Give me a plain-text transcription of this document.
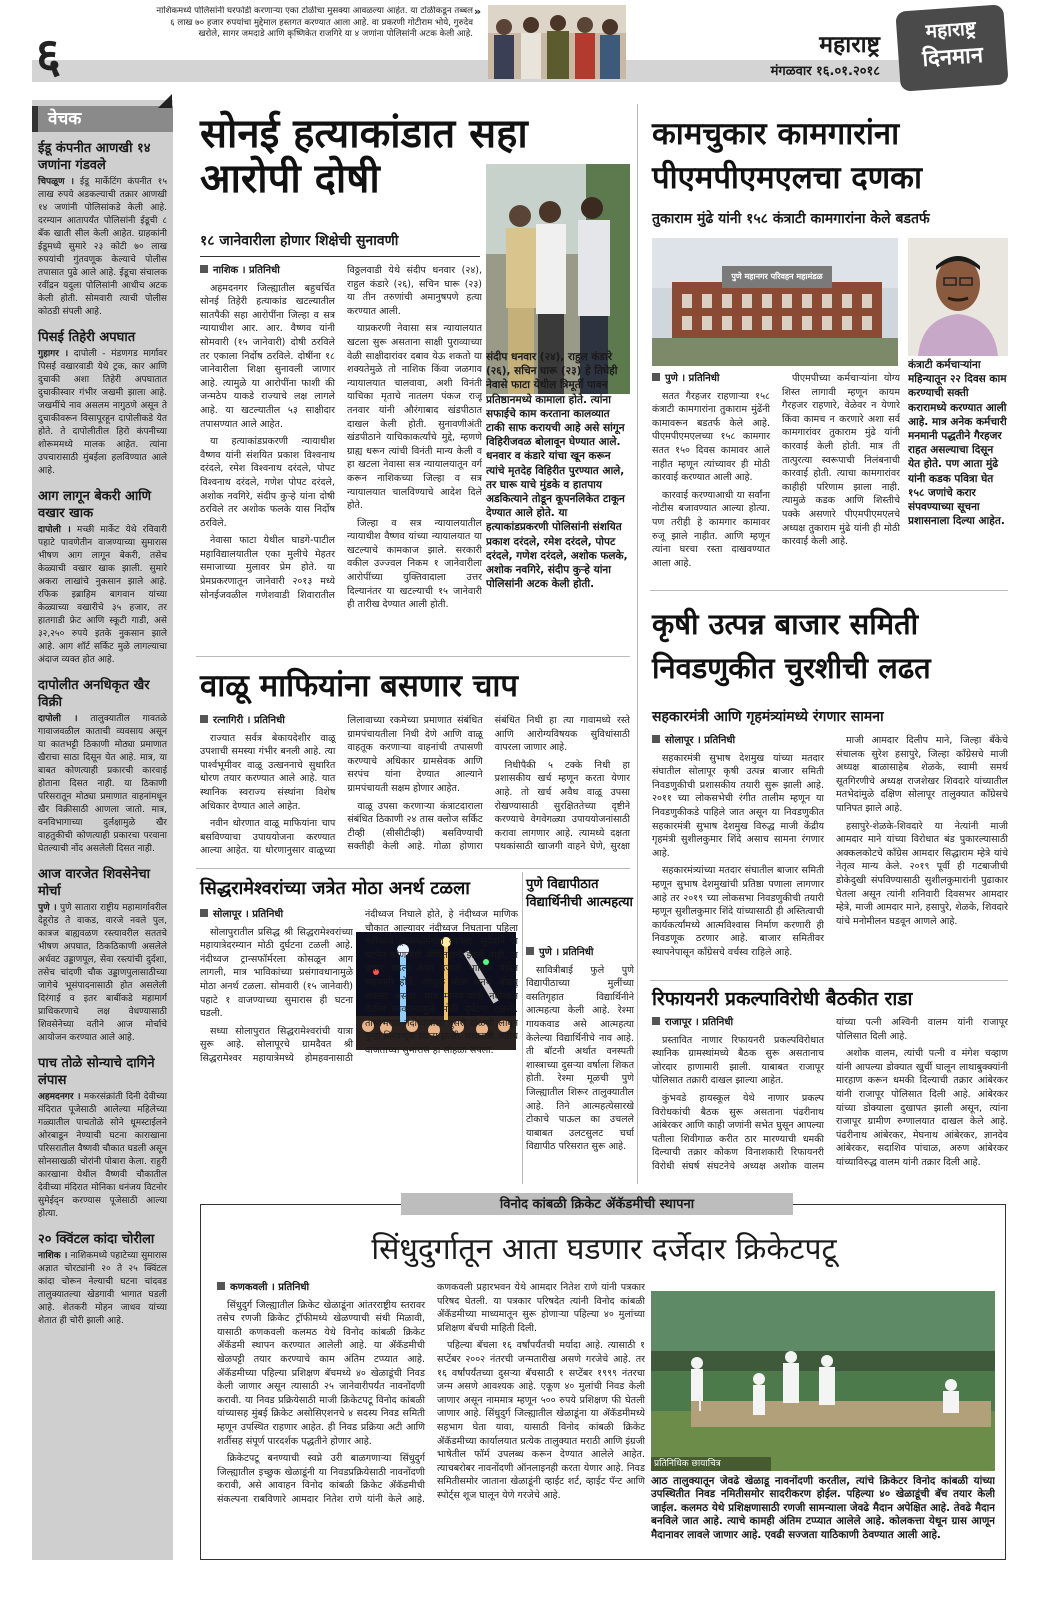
६
नाशिकमध्ये पोलिसांनी घरफोडी करणाऱ्या एका टोळीचा मुसक्या आवळल्या आहेत. या टोळीकडून तब्बल ६ लाख ७० हजार रुपयांचा मुद्देमाल हस्तगत करण्यात आला आहे. वा प्रकरणी गोटीराम भोये, गुरुदेव खरोले, सागर जमदाडे आणि कृष्णिकेत राजगिरे या ४ जणांना पोलिसांनी अटक केली आहे.
»
महाराष्ट्र
मंगळवार १६.०१.२०१८
महाराष्ट्र
दिनमान
वेचक
ईडू कंपनीत आणखी १४ जणांना गंडवले
चिपळूण । ईडू मार्केटिंग कंपनीत १५ लाख रुपये अडकल्याची तक्रार आणखी १४ जणांनी पोलिसांकडे केली आहे. दरम्यान आतापर्यंत पोलिसांनी ईडूची ८ बँक खाती सील केली आहेत. ग्राहकांनी ईडूमध्ये सुमारे २३ कोटी ७० लाख रुपयांची गुंतवणूक केल्याचे पोलीस तपासात पुढे आले आहे. ईडूचा संचालक रवींद्रन यदुला पोलिसांनी आधीच अटक केली होती. सोमवारी त्याची पोलीस कोठडी संपली आहे.
पिसई तिहेरी अपघात
गुहागर । दापोली - मंडणगड मार्गावर पिसई वखारवाडी येथे ट्रक, कार आणि दुचाकी अशा तिहेरी अपघातात दुचाकीस्वार गंभीर जखमी झाला आहे. जखमींचे नाव असलम नागुठणे असून ते दुचाकीवरून विसापूरहून दापोलीकडे येत होते. ते दापोलीतील हिरो कंपनीच्या शोरूममध्ये मालक आहेत. त्यांना उपचारासाठी मुंबईला हलविण्यात आले आहे.
आग लागून बेकरी आणि वखार खाक
दापोली । मच्छी मार्केट येथे रविवारी पहाटे पावणेतीन वाजण्याच्या सुमारास भीषण आग लागून बेकरी, तसेच केळ्याची वखार खाक झाली. सुमारे अकरा लाखांचे नुकसान झाले आहे. रफिक इब्राहिम बागवान यांच्या केळ्याच्या वखारीचे ३५ हजार, तर हातगाडी फ्रेट आणि स्कूटी गाडी, असे ३२,२५० रुपये इतके नुकसान झाले आहे. आग शॉर्ट सर्किट मुळे लागल्याचा अंदाज व्यक्त होत आहे.
दापोलीत अनधिकृत खैर विक्री
दापोली । तालुक्यातील गावतळे गावाजवळील काताची व्यवसाय असून या कातभट्टी ठिकाणी मोठ्या प्रमाणात खैराचा साठा दिसून येत आहे. मात्र, या बाबत कोणत्याही प्रकारची कारवाई होताना दिसत नाही. या ठिकाणी परिसरातून मोठ्या प्रमाणात वाहनांमधून खैर विक्रीसाठी आणला जातो. मात्र, वनविभागाच्या दुर्लक्षामुळे खैर वाहतुकीची कोणत्याही प्रकारचा परवाना घेतल्याची नोंद असलेली दिसत नाही.
आज वारजेत शिवसेनेचा मोर्चा
पुणे । पुणे सातारा राष्ट्रीय महामार्गावरील देहूरोड ते वाकड, वारजे नवले पुल, कात्रज बाह्यवळण रस्त्यावरील सततचे भीषण अपघात, ठिकठिकाणी असलेले अर्धवट उड्डाणपूल, सेवा रस्त्यांची दुर्दशा, तसेच चांदणी चौक उड्डाणपुलासाठीच्या जागेचे भूसंपादनासाठी होत असलेली दिरंगाई व इतर बाबींकडे महामार्ग प्राधिकरणाचे लक्ष वेधण्यासाठी शिवसेनेच्या वतीने आज मोर्चाचे आयोजन करण्यात आले आहे.
पाच तोळे सोन्याचे दागिने लंपास
अहमदनगर । मकरसंक्रांती दिनी देवीच्या मंदिरात पूजेसाठी आलेल्या महिलेच्या गळ्यातील पाचतोळे सोने धूमस्टाईलने ओरबाडून नेण्याची घटना काराखाना परिसरातील वैष्णवी चौकात घडली असून सोनसाखळी चोरांनी पोबारा केला. राहुरी कारखाना येथील वैष्णवी चौकातील देवीच्या मंदिरात मोनिका धनंजय विटनोर सुमेईद्न करण्यास पूजेसाठी आल्या होत्या.
२० क्विंटल कांदा चोरीला
नाशिक । नाशिकमध्ये पहाटेच्या सुमारास अज्ञात चोरट्यांनी २० ते २५ क्विंटल कांदा चोरून नेल्याची घटना चांदवड तालुक्यातल्या खेडगावी भागात घडली आहे. शेतकरी मोहन जाधव यांच्या शेतात ही चोरी झाली आहे.
सोनई हत्याकांडात सहा आरोपी दोषी
१८ जानेवारीला होणार शिक्षेची सुनावणी
नाशिक । प्रतिनिधी

अहमदनगर जिल्ह्यातील बहुचर्चित सोनई तिहेरी हत्याकांड खटल्यातील सातपैकी सहा आरोपींना जिल्हा व सत्र न्यायाधीश आर. आर. वैष्णव यांनी सोमवारी (१५ जानेवारी) दोषी ठरविले तर एकाला निर्दोष ठरविले. दोषींना १८ जानेवारीला शिक्षा सुनावली जाणार आहे. त्यामुळे या आरोपींना फाशी की जन्मठेप याकडे राज्याचे लक्ष लागले आहे. या खटल्यातील ५३ साक्षीदार तपासण्यात आले आहेत.

या हत्याकांडप्रकरणी न्यायाधीश वैष्णव यांनी संशयित प्रकाश विश्वनाथ दरंदले, रमेश विश्वनाथ दरंदले, पोपट विश्वनाथ दरंदले, गणेश पोपट दरंदले, अशोक नवगिरे, संदीप कुऱ्हे यांना दोषी ठरविले तर अशोक फलके यास निर्दोष ठरविले.

नेवासा फाटा येथील घाडगे-पाटील महाविद्यालयातील एका मुलीचे मेहतर समाजाच्या मुलावर प्रेम होते. या प्रेमप्रकरणातून जानेवारी २०१३ मध्ये सोनईजवळील गणेशवाडी शिवारातील विठ्ठलवाडी येथे संदीप धनवार (२४), राहुल कंडारे (२६), सचिन घारू (२३) या तीन तरुणांची अमानुषपणे हत्या करण्यात आली.

याप्रकरणी नेवासा सत्र न्यायालयात खटला सुरू असताना साक्षी पुराव्याच्या वेळी साक्षीदारांवर दबाव येऊ शकतो या शक्यतेमुळे तो नाशिक किंवा जळगाव न्यायालयात चालवावा, अशी विनंती याचिका मृताचे नातलग पंकज राजू तनवार यांनी औरंगाबाद खंडपीठात दाखल केली होती. सुनावणीअंती खंडपीठाने याचिकाकर्त्यांचे मुद्दे, म्हणणे ग्राह्य धरून त्यांची विनंती मान्य केली व हा खटला नेवासा सत्र न्यायालयातून वर्ग करून नाशिकच्या जिल्हा व सत्र न्यायालयात चालविण्याचे आदेश दिले होते.

जिल्हा व सत्र न्यायालयातील न्यायाधीश वैष्णव यांच्या न्यायालयात या खटल्याचे कामकाज झाले. सरकारी वकील उज्ज्वल निकम १ जानेवारीला आरोपींच्या युक्तिवादाला उत्तर दिल्यानंतर या खटल्याची १५ जानेवारी ही तारीख देण्यात आली होती.

संदीप धनवार (२४), राहुल कंडारे (२६), सचिन घारू (२३) हे तिघेही नेवासे फाटा येथील त्रिमूर्ती पावन प्रतिष्ठानमध्ये कामाला होते. त्यांना सफाईचे काम करताना कालव्यात टाकी साफ करायची आहे असे सांगून विहिरीजवळ बोलावून घेण्यात आले. धनवार व कंडारे यांचा खून करून त्यांचे मृतदेह विहिरीत पुरण्यात आले, तर घारू याचे मुंडके व हातपाय अडकित्याने तोडून कूपनलिकेत टाकून देण्यात आले होते. या हत्याकांडप्रकरणी पोलिसांनी संशयित प्रकाश दरंदले, रमेश दरंदले, पोपट दरंदले, गणेश दरंदले, अशोक फलके, अशोक नवगिरे, संदीप कुऱ्हे यांना पोलिसांनी अटक केली होती.
कामचुकार कामगारांना पीएमपीएमएलचा दणका
तुकाराम मुंढे यांनी १५८ कंत्राटी कामगारांना केले बडतर्फ
पुणे महानगर परिवहन महामंडळ
कंत्राटी कर्मचाऱ्यांना महिन्यातून २२ दिवस काम करण्याची सक्ती करारामध्ये करण्यात आली आहे. मात्र अनेक कर्मचारी मनमानी पद्धतीने गैरहजर राहत असल्याचा दिसून येत होते. पण आता मुंढे यांनी कडक पवित्रा घेत १५८ जणांचे करार संपवण्याच्या सूचना प्रशासनाला दिल्या आहेत.
पुणे । प्रतिनिधी

सतत गैरहजर राहणाऱ्या १५८ कंत्राटी कामगारांना तुकाराम मुंढेंनी कामावरून बडतर्फ केले आहे. पीएमपीएमएलच्या १५८ कामगार सतत १५० दिवस कामावर आले नाहीत म्हणून त्यांच्यावर ही मोठी कारवाई करण्यात आली आहे.

कारवाई करण्याआधी या सर्वांना नोटीस बजावण्यात आल्या होत्या. पण तरीही हे कामगार कामावर रुजू झाले नाहीत. आणि म्हणून त्यांना घरचा रस्ता दाखवण्यात आला आहे.

पीएमपीच्या कर्मचाऱ्यांना योग्य शिस्त लागावी म्हणून कायम गैरहजर राहणारे, वेळेवर न येणारे किंवा कामच न करणारे अशा सर्व कामगारांवर तुकाराम मुंढे यांनी कारवाई केली होती. मात्र ती तात्पुरत्या स्वरूपाची निलंबनाची कारवाई होती. त्याचा कामगारांवर काहीही परिणाम झाला नाही. त्यामुळे कडक आणि शिस्तीचे पक्के असणारे पीएमपीएमएलचे अध्यक्ष तुकाराम मुंढे यांनी ही मोठी कारवाई केली आहे.

कृषी उत्पन्न बाजार समिती निवडणुकीत चुरशीची लढत
सहकारमंत्री आणि गृहमंत्र्यांमध्ये रंगणार सामना
सोलापूर । प्रतिनिधी

सहकारमंत्री सुभाष देशमुख यांच्या मतदार संघातील सोलापूर कृषी उत्पन्न बाजार समिती निवडणुकीची प्रशासकीय तयारी सुरू झाली आहे. २०११ च्या लोकसभेची रंगीत तालीम म्हणून या निवडणुकीकडे पाहिले जात असून या निवडणुकीत सहकारमंत्री सुभाष देशमुख विरुद्ध माजी केंद्रीय गृहमंत्री सुशीलकुमार शिंदे असाच सामना रंगणार आहे.

सहकारमंत्र्यांच्या मतदार संघातील बाजार समिती म्हणून सुभाष देशमुखांची प्रतिष्ठा पणाला लागणार आहे तर २०१९ च्या लोकसभा निवडणुकीची तयारी म्हणून सुशीलकुमार शिंदे यांच्यासाठी ही अस्तित्वाची कार्यकर्त्यांमध्ये आत्मविश्वास निर्माण करणारी ही निवडणूक ठरणार आहे. बाजार समितीवर स्थापनेपासून काँग्रेसचे वर्चस्व राहिले आहे.

माजी आमदार दिलीप माने, जिल्हा बँकेचे संचालक सुरेश हसापुरे, जिल्हा काँग्रेसचे माजी अध्यक्ष बाळासाहेब शेळके, स्वामी समर्थ सूतगिरणीचे अध्यक्ष राजशेखर शिवदारे यांच्यातील मतभेदांमुळे दक्षिण सोलापूर तालुक्यात काँग्रेसचे पानिपत झाले आहे.

हसापुरे-शेळके-शिवदारे या नेत्यांनी माजी आमदार माने यांच्या विरोधात बंड पुकारल्यासाठी अक्कलकोटचे काँग्रेस आमदार सिद्धाराम म्हेत्रे यांचे नेतृत्व मान्य केले. २०१९ पूर्वी ही गटबाजीची डोकेदुखी संपविण्यासाठी सुशीलकुमारांनी पुढाकार घेतला असून त्यांनी शनिवारी दिवसभर आमदार म्हेत्रे, माजी आमदार माने, हसापुरे, शेळके, शिवदारे यांचे मनोमीलन घडवून आणले आहे.

रिफायनरी प्रकल्पाविरोधी बैठकीत राडा
राजापूर । प्रतिनिधी

प्रस्तावित नाणार रिफायनरी प्रकल्पविरोधात स्थानिक ग्रामस्थांमध्ये बैठक सुरू असतानाच जोरदार हाणामारी झाली. याबाबत राजापूर पोलिसात तक्रारी दाखल झाल्या आहेत.

कुंभवडे हायस्कूल येथे नाणार प्रकल्प विरोधकांची बैठक सुरू असताना पंढरीनाथ आंबेरकर आणि काही जणांनी सभेत घुसून आपल्या पतीला शिवीगाळ करीत ठार मारण्याची धमकी दिल्याची तक्रार कोकण विनाशकारी रिफायनरी विरोधी संघर्ष संघटनेचे अध्यक्ष अशोक वालम यांच्या पत्नी अश्विनी वालम यांनी राजापूर पोलिसात दिली आहे.

अशोक वालम, त्यांची पत्नी व मंगेश चव्हाण यांनी आपल्या डोक्यात खुर्ची घालून लाथाबुक्क्यांनी मारहाण करून धमकी दिल्याची तक्रार आंबेरकर यांनी राजापूर पोलिसात दिली आहे. आंबेरकर यांच्या डोक्याला दुखापत झाली असून, त्यांना राजापूर ग्रामीण रुग्णालयात दाखल केले आहे. पंढरीनाथ आंबेरकर, मेघनाथ आंबेरकर, ज्ञानदेव आंबेरकर, सदाशिव पांचाळ, अरुण आंबेरकर यांच्याविरुद्ध वालम यांनी तक्रार दिली आहे.

वाळू माफियांना बसणार चाप
रत्नागिरी । प्रतिनिधी

राज्यात सर्वत्र बेकायदेशीर वाळू उपशाची समस्या गंभीर बनली आहे. त्या पार्श्वभूमीवर वाळू उत्खननाचे सुधारित धोरण तयार करण्यात आले आहे. यात स्थानिक स्वराज्य संस्थांना विशेष अधिकार देण्यात आले आहेत.

नवीन धोरणात वाळू माफियांना चाप बसविण्याचा उपाययोजना करण्यात आल्या आहेत. या धोरणानुसार वाळूच्या लिलावाच्या रकमेच्या प्रमाणात संबंधित ग्रामपंचायतीला निधी देणे आणि वाळू वाहतूक करणाऱ्या वाहनांची तपासणी करण्याचे अधिकार ग्रामसेवक आणि सरपंच यांना देण्यात आल्याने ग्रामपंचायती सक्षम होणार आहेत.

वाळू उपसा करणाऱ्या कंत्राटदाराला संबंधित ठिकाणी २४ तास क्लोज सर्किट टीव्ही (सीसीटीव्ही) बसविण्याची सक्तीही केली आहे. गोळा होणारा संबंधित निधी हा त्या गावामध्ये रस्ते आणि आरोग्यविषयक सुविधांसाठी वापरला जाणार आहे.

निधीपैकी ५ टक्के निधी हा प्रशासकीय खर्च म्हणून करता येणार आहे. तो खर्च अवैध वाळू उपसा रोखण्यासाठी सुरक्षिततेच्या दृष्टीने करण्याचे वेगवेगळ्या उपाययोजनांसाठी करावा लागणार आहे. त्यामध्ये दक्षता पथकांसाठी खाजगी वाहने घेणे, सुरक्षा

सिद्धरामेश्वरांच्या जत्रेत मोठा अनर्थ टळला
सोलापूर । प्रतिनिधी

सोलापुरातील प्रसिद्ध श्री सिद्धरामेश्वरांच्या महायात्रेदरम्यान मोठी दुर्घटना टळली आहे. नंदीध्वज ट्रान्सफॉर्मरला कोसळून आग लागली, मात्र भाविकांच्या प्रसंगावधानामुळे मोठा अनर्थ टळला. सोमवारी (१५ जानेवारी) पहाटे १ वाजण्याच्या सुमारास ही घटना घडली.

सध्या सोलापुरात सिद्धरामेश्वरांची यात्रा सुरू आहे. सोलापूरचे ग्रामदैवत श्री सिद्धरामेश्वर महायात्रेमध्ये होमहवनासाठी नंदीध्वज निघाले होते, हे नंदीध्वज माणिक चौकात आल्यावर नंदीध्वज निघताना पहिला नंदीध्वज ट्रान्सफॉर्मरला लागला. सुदैवाने या घटनेत कोणतीही जीवितहानी झाली नाही. हा प्रकार घडला तेव्हा हजारो भाविक यात्रेत सहभागी होते, त्यामुळे मोठा अनर्थ ओढवू शकला असता. मात्र मानकऱ्यांनी नंदीध्वज वेळीच सावरल्यामुळे मोठी दुर्घटना टळली. तासाभरात नंदीध्वजाला दुसरी खेळणी लावून पुन्हा मिरवणूक रवाना झाली. मध्यरात्री अडीच वाजताच्या सुमारास हा सोहळा संपला.

पुणे विद्यापीठात विद्यार्थिनीची आत्महत्या
पुणे । प्रतिनिधी

सावित्रीबाई फुले पुणे विद्यापीठाच्या मुलींच्या वसतिगृहात विद्यार्थिनीने आत्महत्या केली आहे. रेश्मा गायकवाड असे आत्महत्या केलेल्या विद्यार्थिनीचे नाव आहे. ती बॉटनी अर्थात वनस्पती शास्त्राच्या दुसऱ्या वर्षाला शिकत होती. रेश्मा मूळची पुणे जिल्ह्यातील शिरूर तालुक्यातील आहे. तिने आत्महत्येसारखे टोकाचे पाऊल का उचलले याबाबत उलटसुलट चर्चा विद्यापीठ परिसरात सुरू आहे.

विनोद कांबळी क्रिकेट ॲकॅडमीची स्थापना
सिंधुदुर्गातून आता घडणार दर्जेदार क्रिकेटपटू
कणकवली । प्रतिनिधी

सिंधुदुर्ग जिल्ह्यातील क्रिकेट खेळाडूंना आंतरराष्ट्रीय स्तरावर तसेच रणजी क्रिकेट ट्रॉफीमध्ये खेळण्याची संधी मिळावी, यासाठी कणकवली कलमठ येथे विनोद कांबळी क्रिकेट ॲकॅडमी स्थापन करण्यात आलेली आहे. या ॲकॅडमीची खेळपट्टी तयार करण्याचे काम अंतिम टप्प्यात आहे. ॲकॅडमीच्या पहिल्या प्रशिक्षण बॅचमध्ये ४० खेळाडूंची निवड केली जाणार असून त्यासाठी २५ जानेवारीपर्यंत नावनोंदणी करावी. या निवड प्रक्रियेसाठी माजी क्रिकेटपटू विनोद कांबळी यांच्यासह मुंबई क्रिकेट असोसिएशनचे ४ सदस्य निवड समिती म्हणून उपस्थित राहणार आहेत. ही निवड प्रक्रिया अटी आणि शर्तीसह संपूर्ण पारदर्शक पद्धतीने होणार आहे.

क्रिकेटपटू बनण्याची स्वप्ने उरी बाळगणाऱ्या सिंधुदुर्ग जिल्ह्यातील इच्छुक खेळाडूंनी या निवडप्रक्रियेसाठी नावनोंदणी करावी, असे आवाहन विनोद कांबळी क्रिकेट ॲकॅडमीची संकल्पना राबविणारे आमदार नितेश राणे यांनी केले आहे. कणकवली प्रहारभवन येथे आमदार नितेश राणे यांनी पत्रकार परिषद घेतली. या पत्रकार परिषदेत त्यांनी विनोद कांबळी ॲकॅडमीच्या माध्यमातून सुरू होणाऱ्या पहिल्या ४० मुलांच्या प्रशिक्षण बॅचची माहिती दिली.

पहिल्या बॅचला १६ वर्षांपर्यंतची मर्यादा आहे. त्यासाठी १ सप्टेंबर २००२ नंतरची जन्मतारीख असणे गरजेचे आहे. तर १६ वर्षांपर्यंतच्या दुसऱ्या बॅचसाठी १ सप्टेंबर १९९९ नंतरचा जन्म असणे आवश्यक आहे. एकूण ४० मुलांची निवड केली जाणार असून नाममात्र म्हणून ५०० रुपये प्रशिक्षण फी घेतली जाणार आहे. सिंधुदुर्ग जिल्ह्यातील खेळाडूंना या ॲकॅडमीमध्ये सहभाग घेता यावा, यासाठी विनोद कांबळी क्रिकेट ॲकॅडमीच्या कार्यालयात प्रत्येक तालुक्यात मराठी आणि इंग्रजी भाषेतील फॉर्म उपलब्ध करून देण्यात आलेले आहेत. त्याचबरोबर नावनोंदणी ऑनलाइनही करता येणार आहे. निवड समितीसमोर जाताना खेळाडूंनी व्हाईट शर्ट, व्हाईट पॅन्ट आणि स्पोर्ट्स शूज घालून येणे गरजेचे आहे.

प्रतिनिधिक छायाचित्र
आठ तालुक्यातून जेवढे खेळाडू नावनोंदणी करतील, त्यांचे क्रिकेटर विनोद कांबळी यांच्या उपस्थितीत निवड नमितीसमोर सादरीकरण होईल. पहिल्या ४० खेळाडूंची बॅच तयार केली जाईल. कलमठ येथे प्रशिक्षणासाठी रणजी सामन्याला जेवढे मैदान अपेक्षित आहे. तेवढे मैदान बनविले जात आहे. त्याचे कामही अंतिम टप्प्यात आलेले आहे. कोलकत्ता येथून ग्रास आणून मैदानावर लावले जाणार आहे. एवढी सज्जता याठिकाणी ठेवण्यात आली आहे.
